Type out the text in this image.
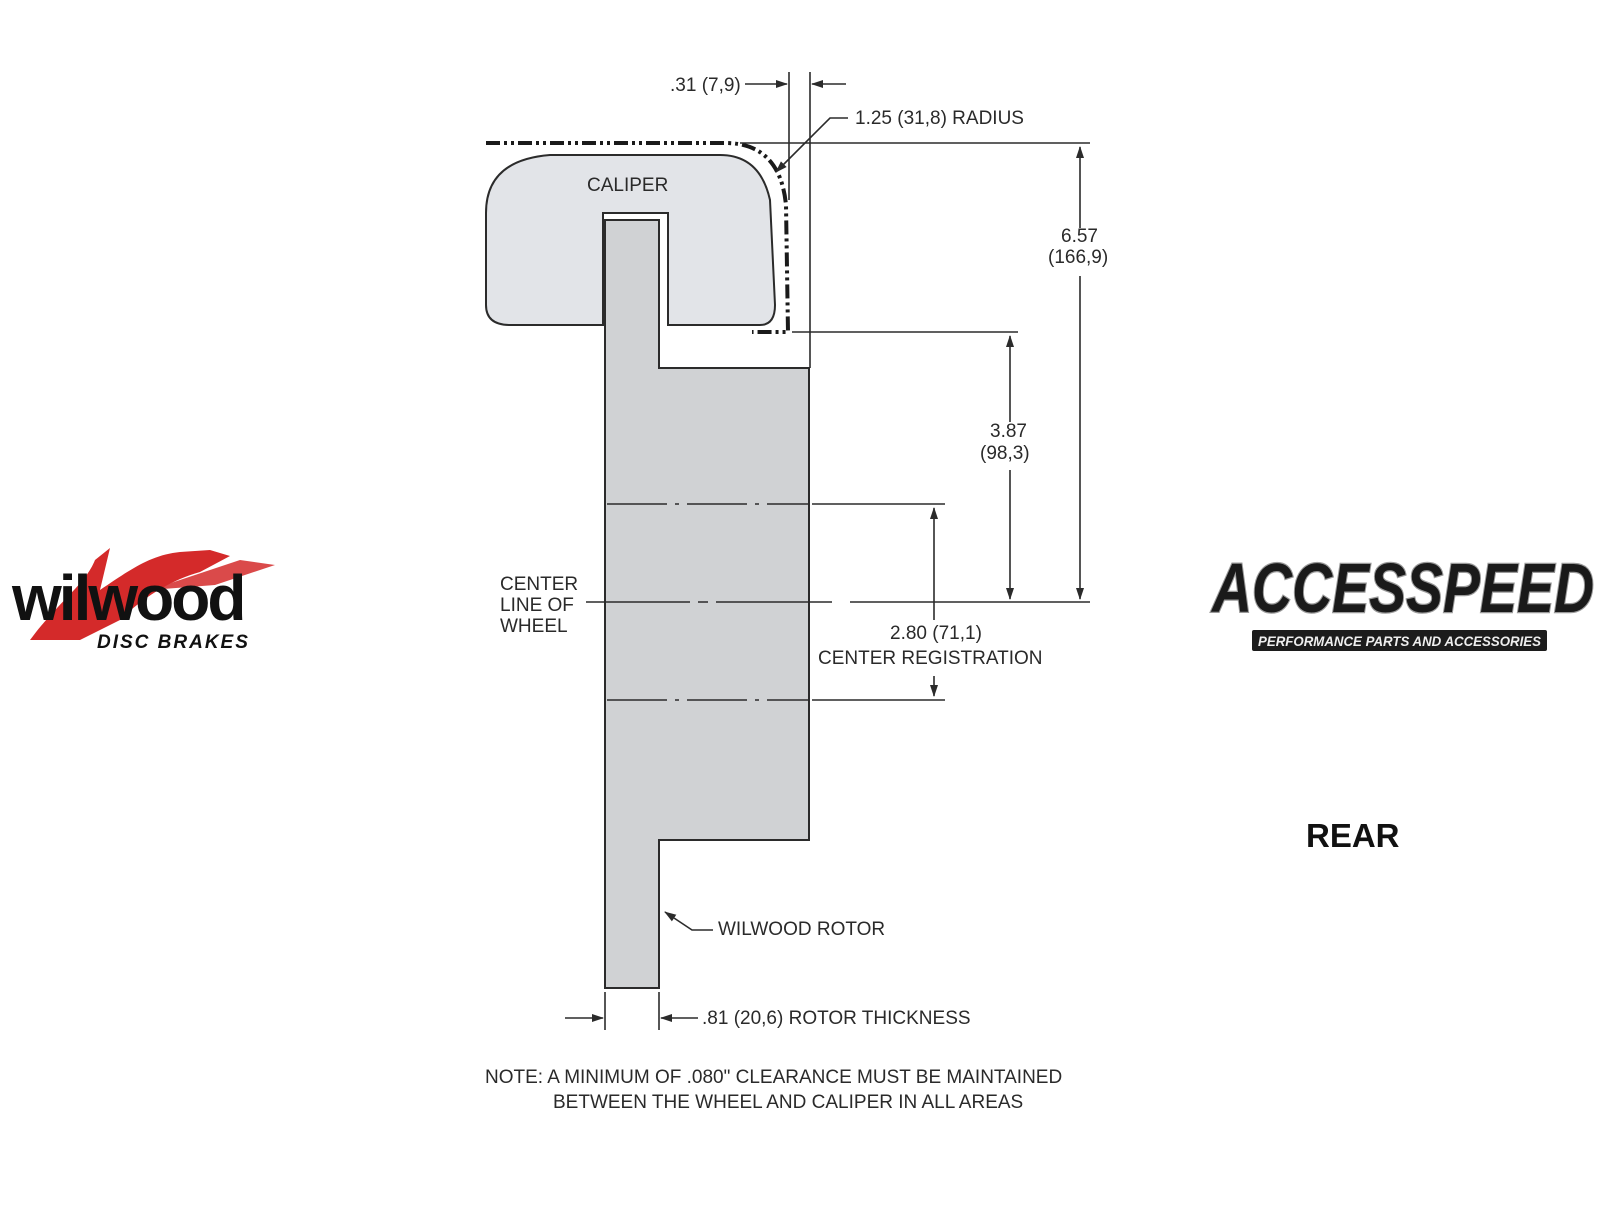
wilwood
DISC BRAKES
ACCESSPEED
PERFORMANCE PARTS AND ACCESSORIES
REAR
CALIPER
WILWOOD ROTOR
CENTER
LINE OF
WHEEL
.31 (7,9)
1.25 (31,8) RADIUS
6.57
(166,9)
3.87
(98,3)
2.80 (71,1)
CENTER REGISTRATION
.81 (20,6) ROTOR THICKNESS
NOTE: A MINIMUM OF .080" CLEARANCE MUST BE MAINTAINED
BETWEEN THE WHEEL AND CALIPER IN ALL AREAS
